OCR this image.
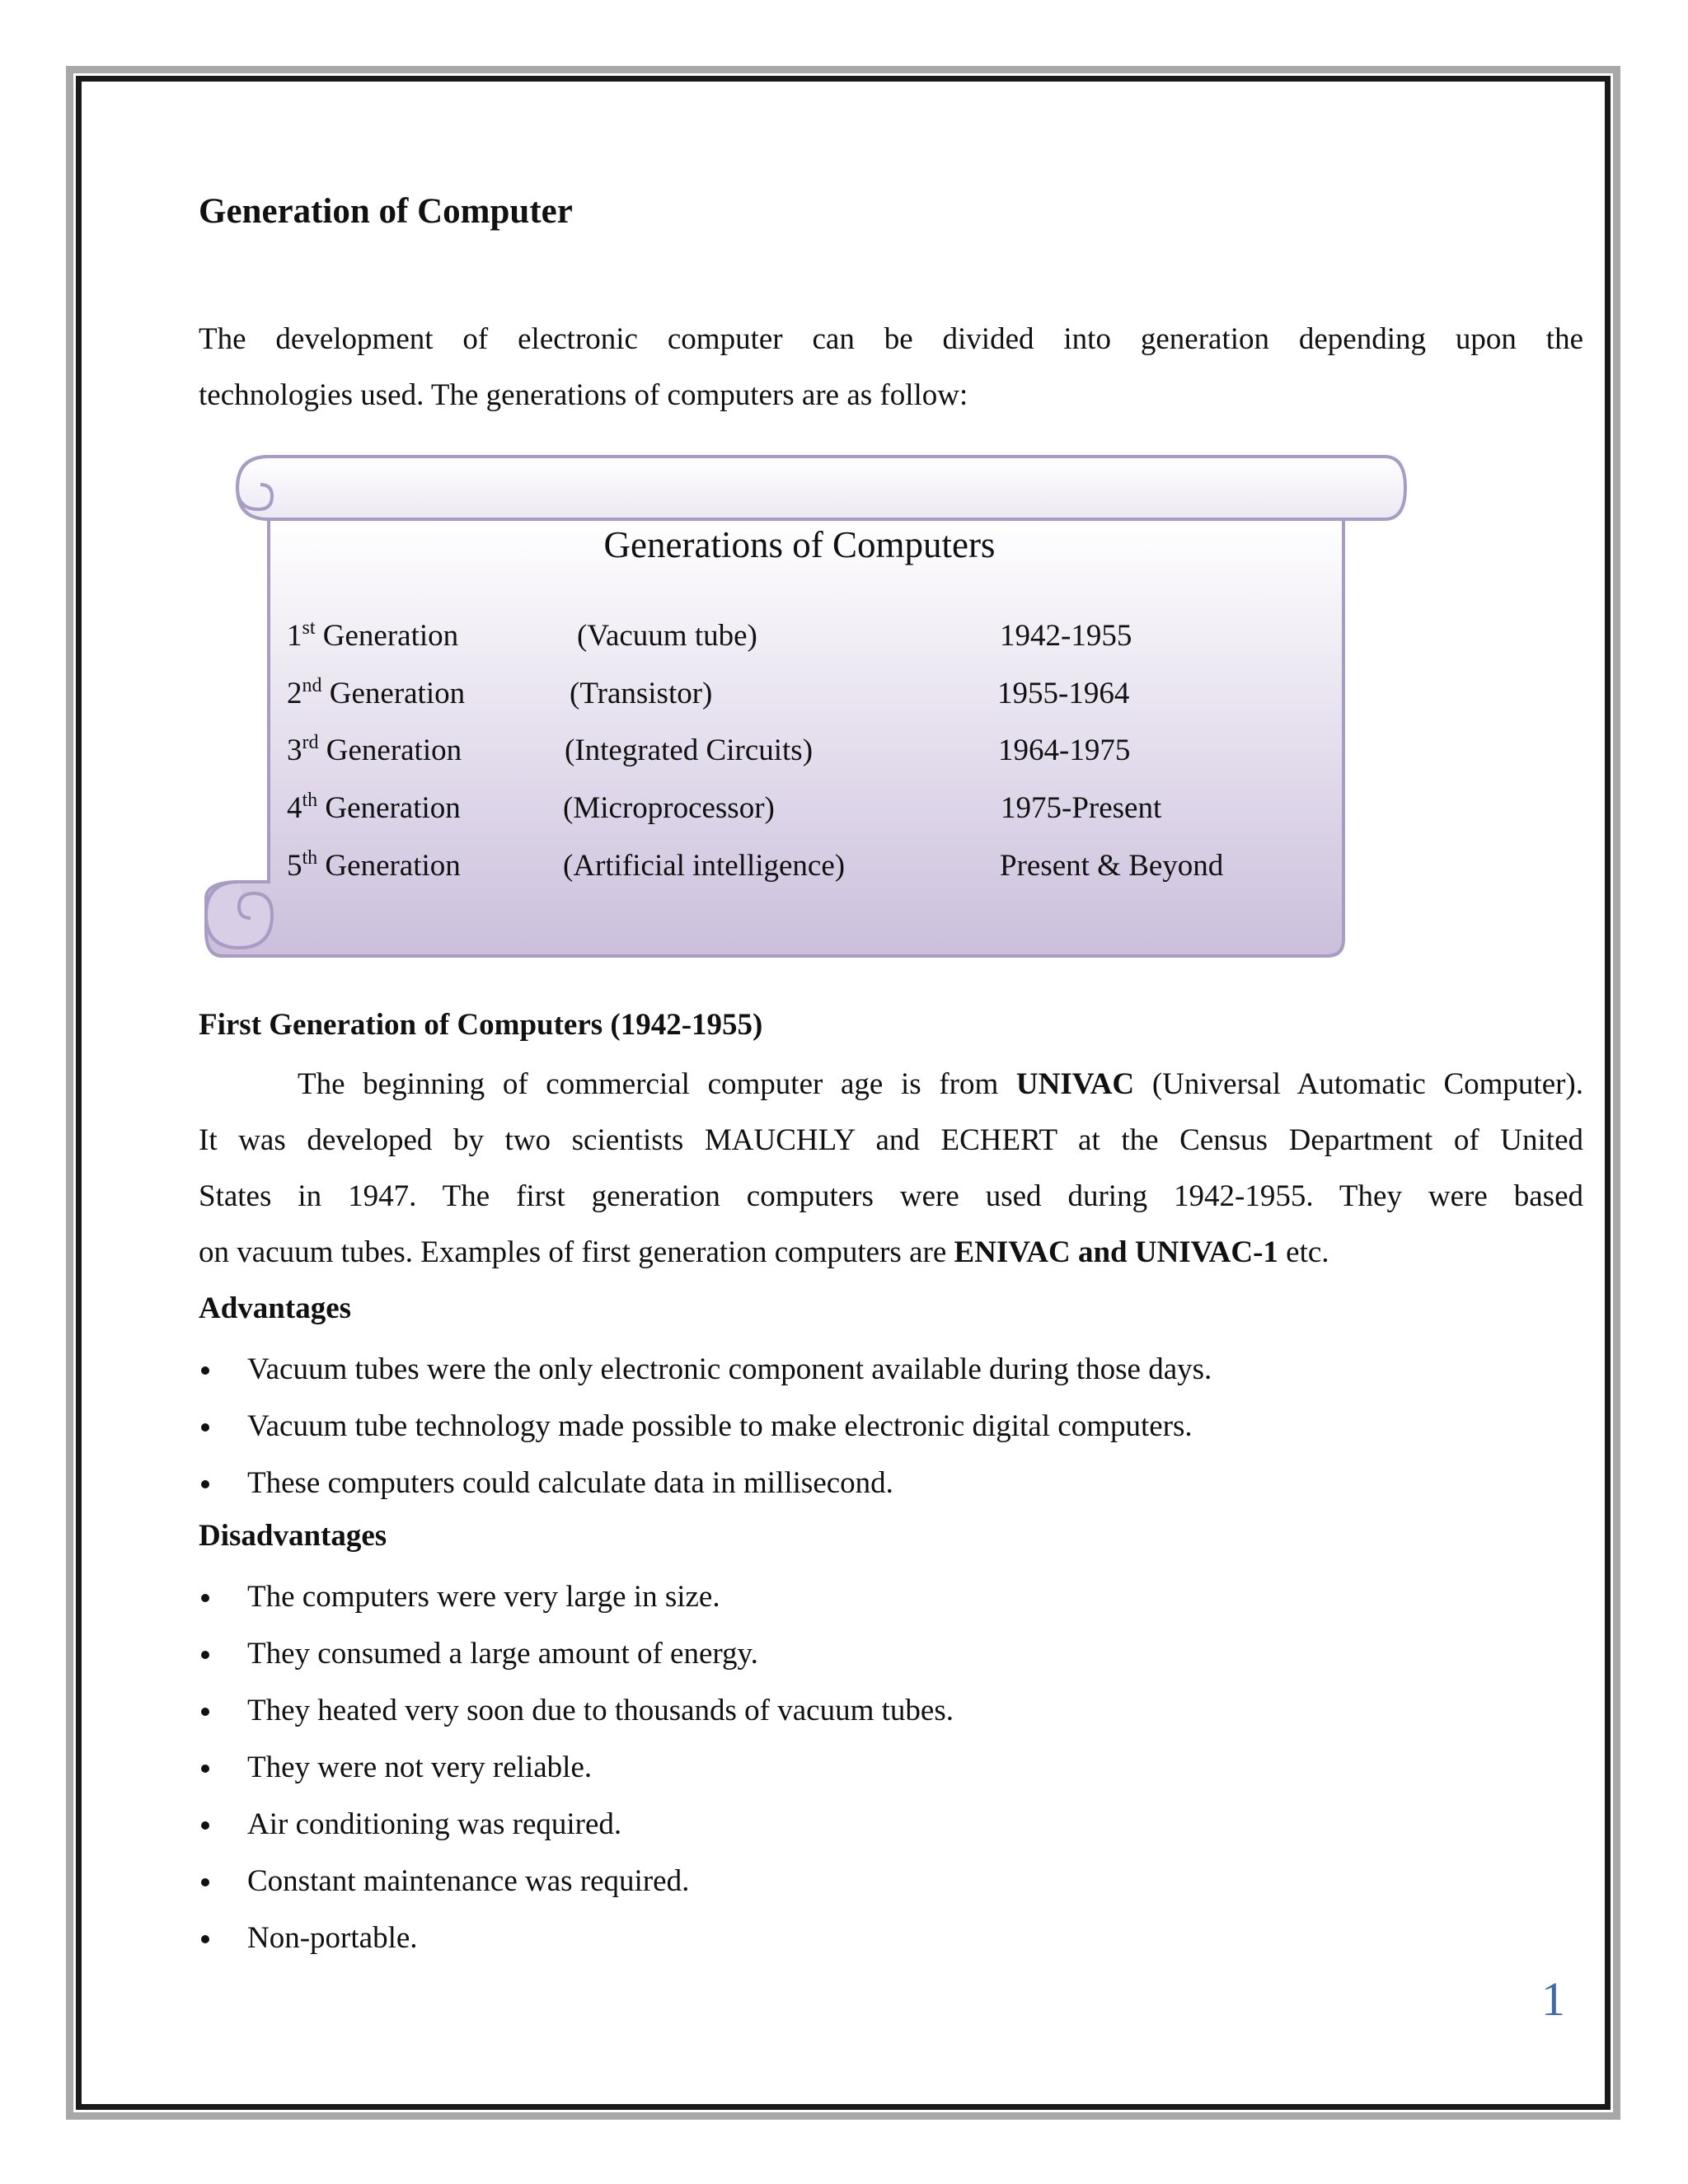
Generation of Computer
The development of electronic computer can be divided into generation depending upon the
technologies used. The generations of computers are as follow:
Generations of Computers
1st Generation	(Vacuum tube)	1942-1955
2nd Generation	(Transistor)	1955-1964
3rd Generation	(Integrated Circuits)	1964-1975
4th Generation	(Microprocessor)	1975-Present
5th Generation	(Artificial intelligence)	Present & Beyond
First Generation of Computers (1942-1955)
The beginning of commercial computer age is from UNIVAC (Universal Automatic Computer).
It was developed by two scientists MAUCHLY and ECHERT at the Census Department of United
States in 1947. The first generation computers were used during 1942-1955. They were based
on vacuum tubes. Examples of first generation computers are ENIVAC and UNIVAC-1 etc.
Advantages
Vacuum tubes were the only electronic component available during those days.
Vacuum tube technology made possible to make electronic digital computers.
These computers could calculate data in millisecond.
Disadvantages
The computers were very large in size.
They consumed a large amount of energy.
They heated very soon due to thousands of vacuum tubes.
They were not very reliable.
Air conditioning was required.
Constant maintenance was required.
Non-portable.
1
